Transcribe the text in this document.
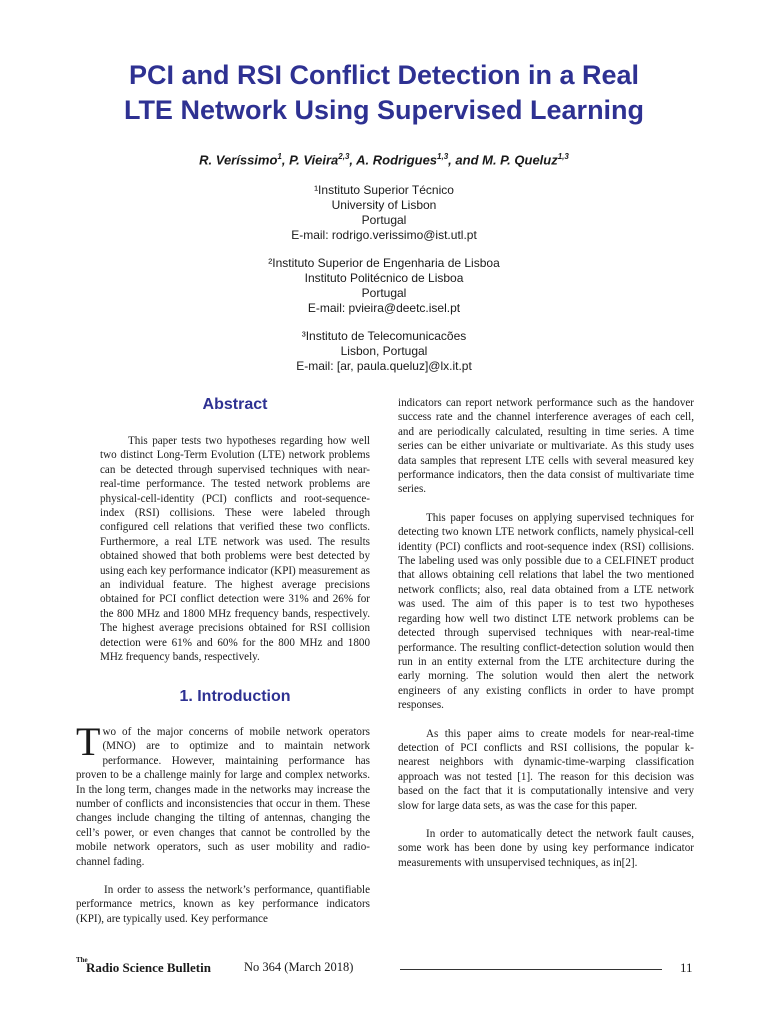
PCI and RSI Conflict Detection in a Real
LTE Network Using Supervised Learning
R. Veríssimo$^1$, P. Vieira$^{2,3}$, A. Rodrigues$^{1,3}$, and M. P. Queluz$^{1,3}$
¹Instituto Superior Técnico
University of Lisbon
Portugal
E-mail: rodrigo.verissimo@ist.utl.pt
²Instituto Superior de Engenharia de Lisboa
Instituto Politécnico de Lisboa
Portugal
E-mail: pvieira@deetc.isel.pt
³Instituto de Telecomunicacões
Lisbon, Portugal
E-mail: [ar, paula.queluz]@lx.it.pt
Abstract

This paper tests two hypotheses regarding how well two distinct Long-Term Evolution (LTE) network problems can be detected through supervised techniques with near-real-time performance. The tested network problems are physical-cell-identity (PCI) conflicts and root-sequence-index (RSI) collisions. These were labeled through configured cell relations that verified these two conflicts. Furthermore, a real LTE network was used. The results obtained showed that both problems were best detected by using each key performance indicator (KPI) measurement as an individual feature. The highest average precisions obtained for PCI conflict detection were 31% and 26% for the 800 MHz and 1800 MHz frequency bands, respectively. The highest average precisions obtained for RSI collision detection were 61% and 60% for the 800 MHz and 1800 MHz frequency bands, respectively.

1. Introduction

Two of the major concerns of mobile network operators (MNO) are to optimize and to maintain network performance. However, maintaining performance has proven to be a challenge mainly for large and complex networks. In the long term, changes made in the networks may increase the number of conflicts and inconsistencies that occur in them. These changes include changing the tilting of antennas, changing the cell’s power, or even changes that cannot be controlled by the mobile network operators, such as user mobility and radio-channel fading.

In order to assess the network’s performance, quantifiable performance metrics, known as key performance indicators (KPI), are typically used. Key performance

indicators can report network performance such as the handover success rate and the channel interference averages of each cell, and are periodically calculated, resulting in time series. A time series can be either univariate or multivariate. As this study uses data samples that represent LTE cells with several measured key performance indicators, then the data consist of multivariate time series.

This paper focuses on applying supervised techniques for detecting two known LTE network conflicts, namely physical-cell identity (PCI) conflicts and root-sequence index (RSI) collisions. The labeling used was only possible due to a CELFINET product that allows obtaining cell relations that label the two mentioned network conflicts; also, real data obtained from a LTE network was used. The aim of this paper is to test two hypotheses regarding how well two distinct LTE network problems can be detected through supervised techniques with near-real-time performance. The resulting conflict-detection solution would then run in an entity external from the LTE architecture during the early morning. The solution would then alert the network engineers of any existing conflicts in order to have prompt responses.

As this paper aims to create models for near-real-time detection of PCI conflicts and RSI collisions, the popular k-nearest neighbors with dynamic-time-warping classification approach was not tested [1]. The reason for this decision was based on the fact that it is computationally intensive and very slow for large data sets, as was the case for this paper.

In order to automatically detect the network fault causes, some work has been done by using key performance indicator measurements with unsupervised techniques, as in[2].

The
Radio Science Bulletin	No 364 (March 2018)	11
